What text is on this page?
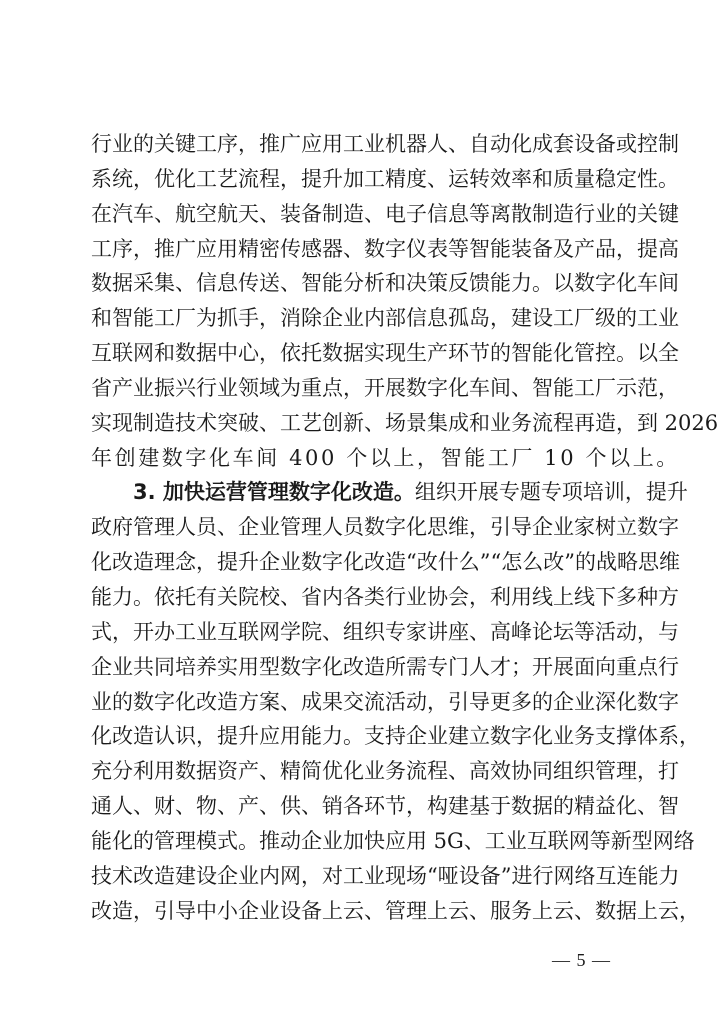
行业的关键工序，推广应用工业机器人、自动化成套设备或控制
系统，优化工艺流程，提升加工精度、运转效率和质量稳定性。
在汽车、航空航天、装备制造、电子信息等离散制造行业的关键
工序，推广应用精密传感器、数字仪表等智能装备及产品，提高
数据采集、信息传送、智能分析和决策反馈能力。以数字化车间
和智能工厂为抓手，消除企业内部信息孤岛，建设工厂级的工业
互联网和数据中心，依托数据实现生产环节的智能化管控。以全
省产业振兴行业领域为重点，开展数字化车间、智能工厂示范，
实现制造技术突破、工艺创新、场景集成和业务流程再造，到 2026
年创建数字化车间 400 个以上，智能工厂 10 个以上。
3. 加快运营管理数字化改造。组织开展专题专项培训，提升
政府管理人员、企业管理人员数字化思维，引导企业家树立数字
化改造理念，提升企业数字化改造“改什么”“怎么改”的战略思维
能力。依托有关院校、省内各类行业协会，利用线上线下多种方
式，开办工业互联网学院、组织专家讲座、高峰论坛等活动，与
企业共同培养实用型数字化改造所需专门人才；开展面向重点行
业的数字化改造方案、成果交流活动，引导更多的企业深化数字
化改造认识，提升应用能力。支持企业建立数字化业务支撑体系，
充分利用数据资产、精简优化业务流程、高效协同组织管理，打
通人、财、物、产、供、销各环节，构建基于数据的精益化、智
能化的管理模式。推动企业加快应用 5G、工业互联网等新型网络
技术改造建设企业内网，对工业现场“哑设备”进行网络互连能力
改造，引导中小企业设备上云、管理上云、服务上云、数据上云，
— 5 —
